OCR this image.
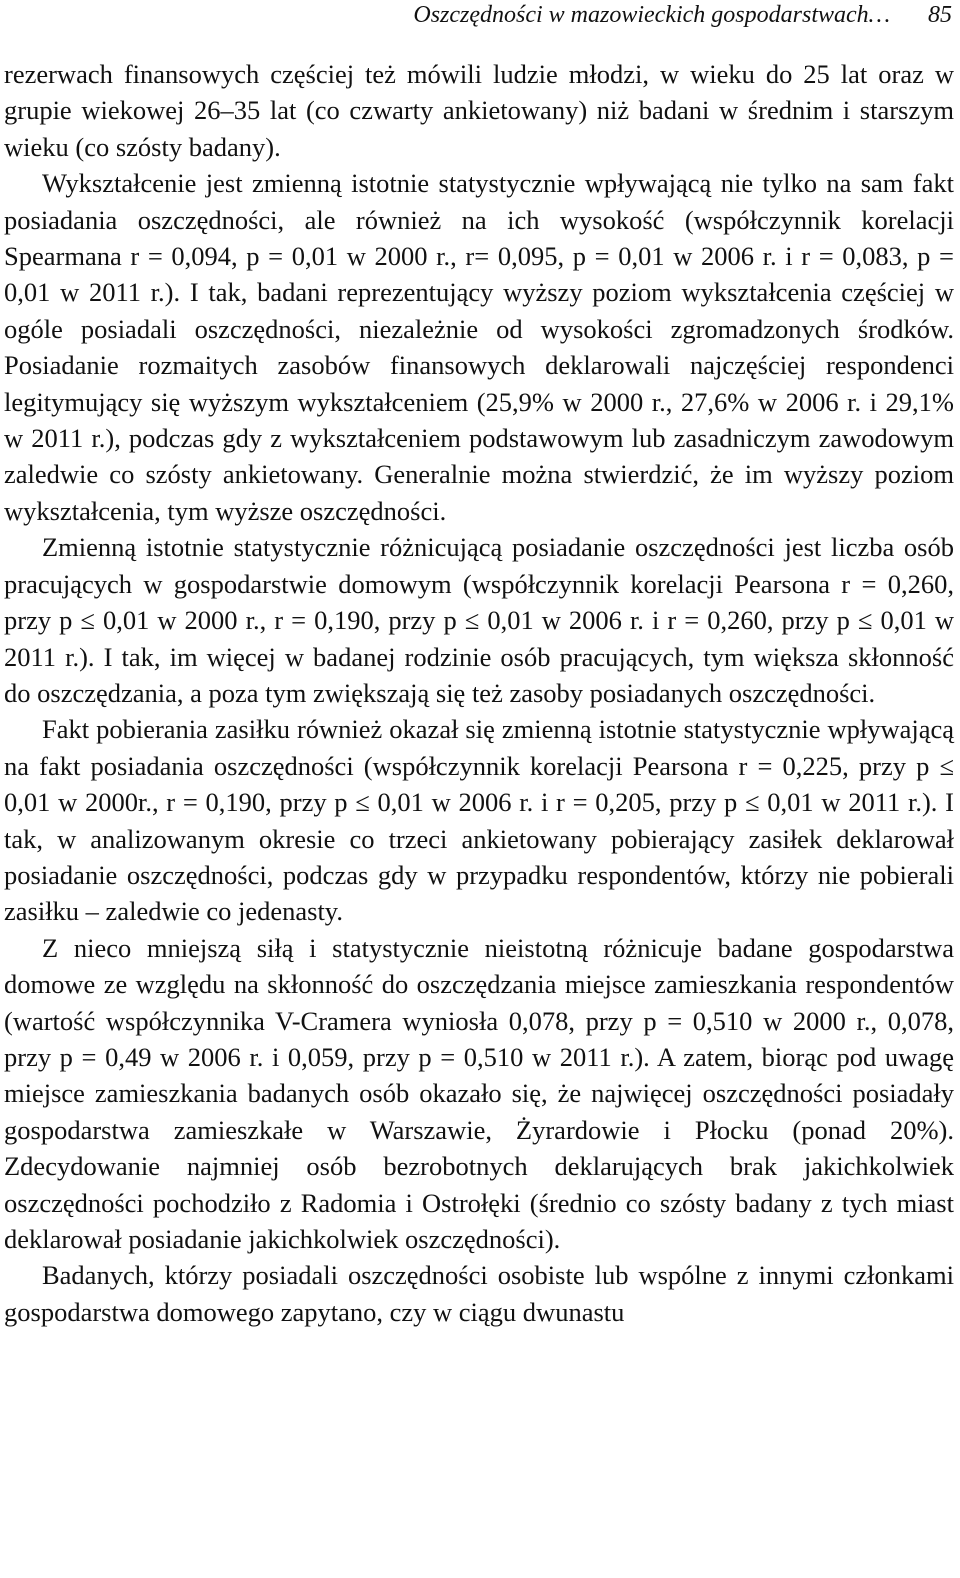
Oszczędności w mazowieckich gospodarstwach… 85

rezerwach finansowych częściej też mówili ludzie młodzi, w wieku do 25 lat oraz w grupie wiekowej 26–35 lat (co czwarty ankietowany) niż badani w średnim i starszym wieku (co szósty badany).

Wykształcenie jest zmienną istotnie statystycznie wpływającą nie tylko na sam fakt posiadania oszczędności, ale również na ich wysokość (współczynnik korelacji Spearmana r = 0,094, p = 0,01 w 2000 r., r= 0,095, p = 0,01 w 2006 r. i r = 0,083, p = 0,01 w 2011 r.). I tak, badani reprezentujący wyższy poziom wykształcenia częściej w ogóle posiadali oszczędności, niezależnie od wysokości zgromadzonych środków. Posiadanie rozmaitych zasobów finansowych deklarowali najczęściej respondenci legitymujący się wyższym wykształceniem (25,9% w 2000 r., 27,6% w 2006 r. i 29,1% w 2011 r.), podczas gdy z wykształceniem podstawowym lub zasadniczym zawodowym zaledwie co szósty ankietowany. Generalnie można stwierdzić, że im wyższy poziom wykształcenia, tym wyższe oszczędności.

Zmienną istotnie statystycznie różnicującą posiadanie oszczędności jest liczba osób pracujących w gospodarstwie domowym (współczynnik korelacji Pearsona r = 0,260, przy p ≤ 0,01 w 2000 r., r = 0,190, przy p ≤ 0,01 w 2006 r. i r = 0,260, przy p ≤ 0,01 w 2011 r.). I tak, im więcej w badanej rodzinie osób pracujących, tym większa skłonność do oszczędzania, a poza tym zwiększają się też zasoby posiadanych oszczędności.

Fakt pobierania zasiłku również okazał się zmienną istotnie statystycznie wpływającą na fakt posiadania oszczędności (współczynnik korelacji Pearsona r = 0,225, przy p ≤ 0,01 w 2000r., r = 0,190, przy p ≤ 0,01 w 2006 r. i r = 0,205, przy p ≤ 0,01 w 2011 r.). I tak, w analizowanym okresie co trzeci ankietowany pobierający zasiłek deklarował posiadanie oszczędności, podczas gdy w przypadku respondentów, którzy nie pobierali zasiłku – zaledwie co jedenasty.

Z nieco mniejszą siłą i statystycznie nieistotną różnicuje badane gospodarstwa domowe ze względu na skłonność do oszczędzania miejsce zamieszkania respondentów (wartość współczynnika V-Cramera wyniosła 0,078, przy p = 0,510 w 2000 r., 0,078, przy p = 0,49 w 2006 r. i 0,059, przy p = 0,510 w 2011 r.). A zatem, biorąc pod uwagę miejsce zamieszkania badanych osób okazało się, że najwięcej oszczędności posiadały gospodarstwa zamieszkałe w Warszawie, Żyrardowie i Płocku (ponad 20%). Zdecydowanie najmniej osób bezrobotnych deklarujących brak jakichkolwiek oszczędności pochodziło z Radomia i Ostrołęki (średnio co szósty badany z tych miast deklarował posiadanie jakichkolwiek oszczędności).

Badanych, którzy posiadali oszczędności osobiste lub wspólne z innymi członkami gospodarstwa domowego zapytano, czy w ciągu dwunastu
